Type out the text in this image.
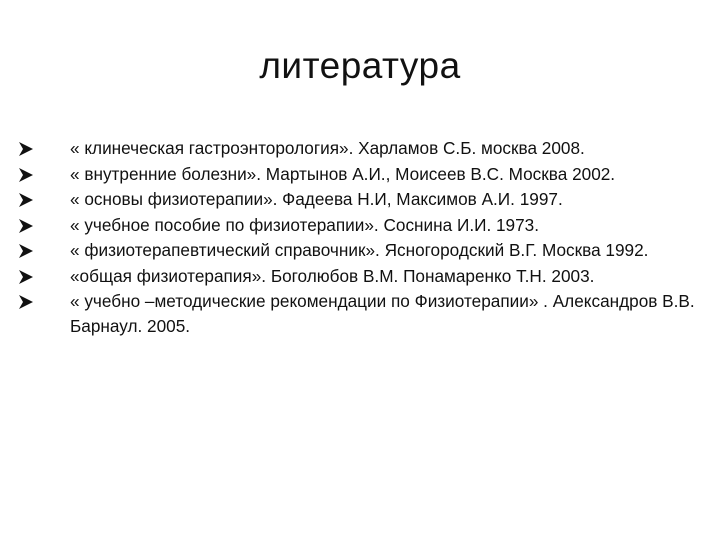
литература
« клинеческая гастроэнторология». Харламов С.Б. москва 2008.
« внутренние болезни». Мартынов А.И., Моисеев В.С. Москва 2002.
« основы физиотерапии». Фадеева Н.И, Максимов А.И. 1997.
« учебное пособие по физиотерапии». Соснина И.И. 1973.
« физиотерапевтический справочник». Ясногородский В.Г. Москва 1992.
«общая физиотерапия». Боголюбов В.М. Понамаренко Т.Н. 2003.
« учебно –методические рекомендации по Физиотерапии» . Александров В.В. Барнаул. 2005.
